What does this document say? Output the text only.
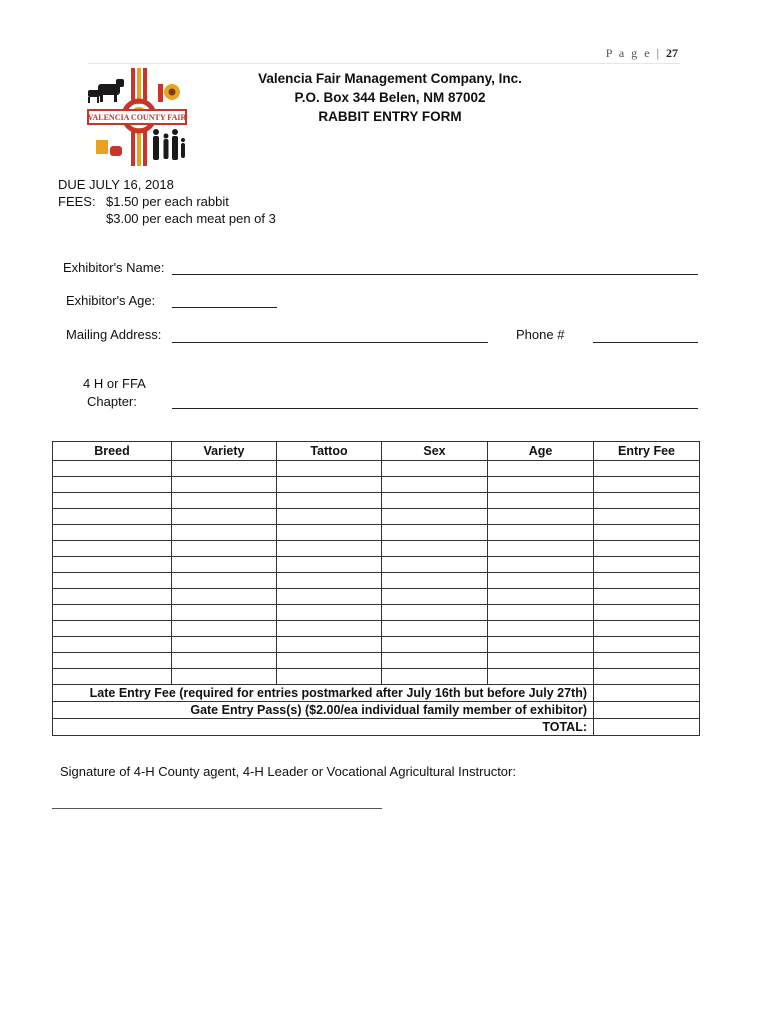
P a g e | 27
VALENCIA COUNTY FAIR
Valencia Fair Management Company, Inc.
P.O. Box 344 Belen, NM 87002
RABBIT ENTRY FORM
DUE JULY 16, 2018
FEES: $1.50 per each rabbit
$3.00 per each meat pen of 3
Exhibitor's Name:
Exhibitor's Age:
Mailing Address:	Phone #
4 H or FFA
Chapter:
Breed	Variety	Tattoo	Sex	Age	Entry Fee

Late Entry Fee (required for entries postmarked after July 16th but before July 27th)					
Gate Entry Pass(s) ($2.00/ea individual family member of exhibitor)					
TOTAL:					
Signature of 4-H County agent, 4-H Leader or Vocational Agricultural Instructor:
